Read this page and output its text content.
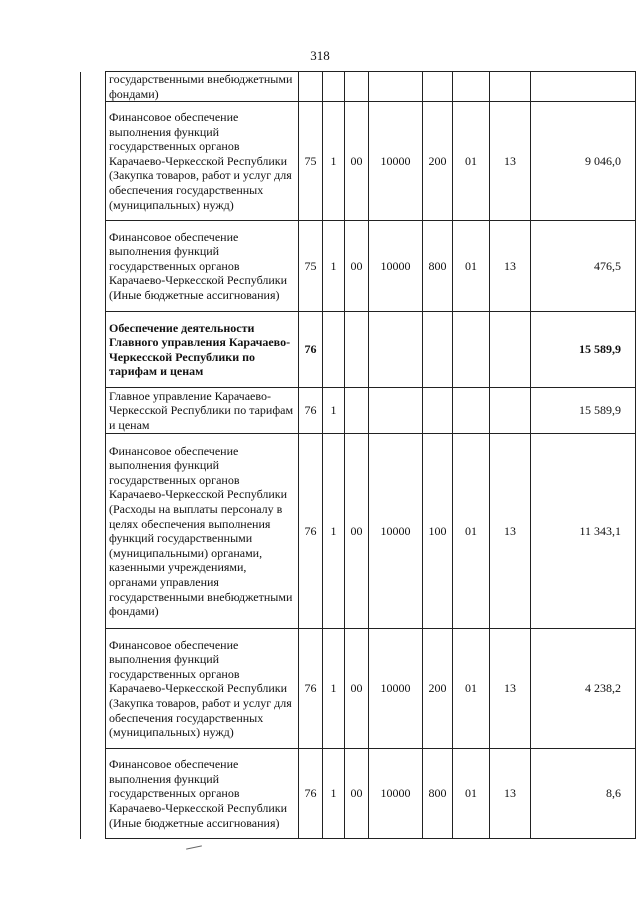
318
	государственными внебюджетными фондами)								
	Финансовое обеспечение выполнения функций государственных органов Карачаево-Черкесской Республики (Закупка товаров, работ и услуг для обеспечения государственных (муниципальных) нужд)	75	1	00	10000	200	01	13	9 046,0
	Финансовое обеспечение выполнения функций государственных органов Карачаево-Черкесской Республики (Иные бюджетные ассигнования)	75	1	00	10000	800	01	13	476,5
	Обеспечение деятельности Главного управления Карачаево-Черкесской Республики по тарифам и ценам	76							15 589,9
	Главное управление Карачаево-Черкесской Республики по тарифам и ценам	76	1						15 589,9
	Финансовое обеспечение выполнения функций государственных органов Карачаево-Черкесской Республики (Расходы на выплаты персоналу в целях обеспечения выполнения функций государственными (муниципальными) органами, казенными учреждениями, органами управления государственными внебюджетными фондами)	76	1	00	10000	100	01	13	11 343,1
	Финансовое обеспечение выполнения функций государственных органов Карачаево-Черкесской Республики (Закупка товаров, работ и услуг для обеспечения государственных (муниципальных) нужд)	76	1	00	10000	200	01	13	4 238,2
	Финансовое обеспечение выполнения функций государственных органов Карачаево-Черкесской Республики (Иные бюджетные ассигнования)	76	1	00	10000	800	01	13	8,6
